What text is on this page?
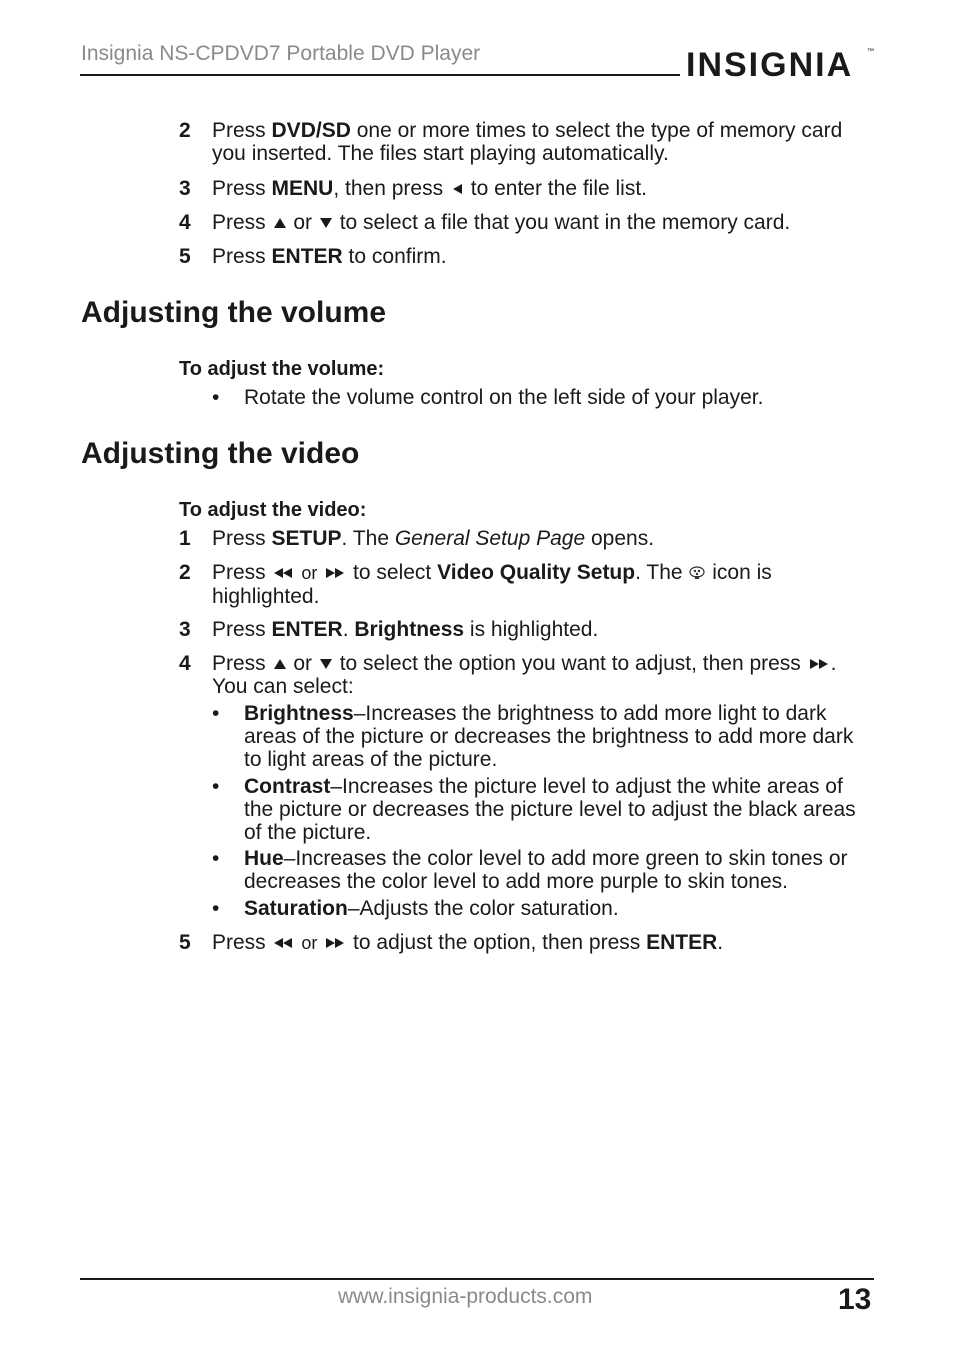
Insignia NS-CPDVD7 Portable DVD Player	INSIGNIA ™
2 Press DVD/SD one or more times to select the type of memory card you inserted. The files start playing automatically.
3 Press MENU, then press
to enter the file list.
4 Press
or
to select a file that you want in the memory card.
5 Press ENTER to confirm.
Adjusting the volume
To adjust the volume:
• Rotate the volume control on the left side of your player.
Adjusting the video
To adjust the video:
1 Press SETUP. The General Setup Page opens.
2 Press
or
to select Video Quality Setup. The
icon is highlighted.
3 Press ENTER. Brightness is highlighted.
4 Press
or
to select the option you want to adjust, then press
. You can select:
• Brightness–Increases the brightness to add more light to dark areas of the picture or decreases the brightness to add more dark to light areas of the picture.
• Contrast–Increases the picture level to adjust the white areas of the picture or decreases the picture level to adjust the black areas of the picture.
• Hue–Increases the color level to add more green to skin tones or decreases the color level to add more purple to skin tones.
• Saturation–Adjusts the color saturation.
5 Press
or
to adjust the option, then press ENTER.
www.insignia-products.com	13
